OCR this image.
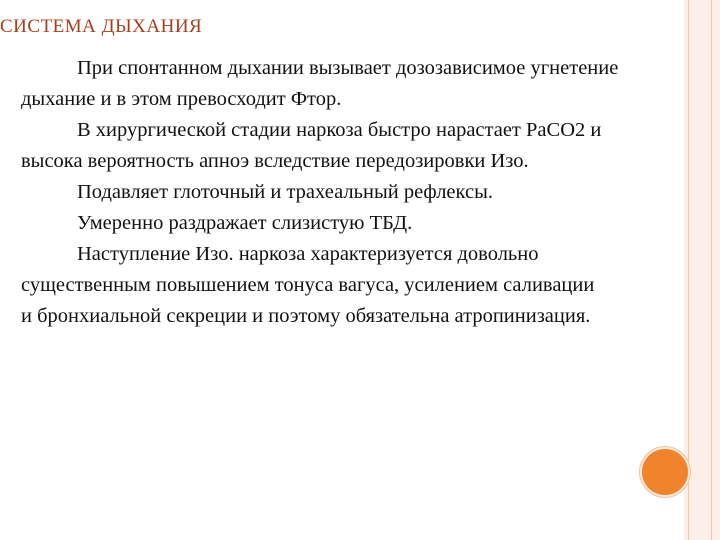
СИСТЕМА ДЫХАНИЯ

При спонтанном дыхании вызывает дозозависимое угнетение
дыхание и в этом превосходит Фтор.

В хирургической стадии наркоза быстро нарастает PaCO2 и
высока вероятность апноэ вследствие передозировки Изо.

Подавляет глоточный и трахеальный рефлексы.

Умеренно раздражает слизистую ТБД.

Наступление Изо. наркоза характеризуется довольно
существенным повышением тонуса вагуса, усилением саливации
и бронхиальной секреции и поэтому обязательна атропинизация.
